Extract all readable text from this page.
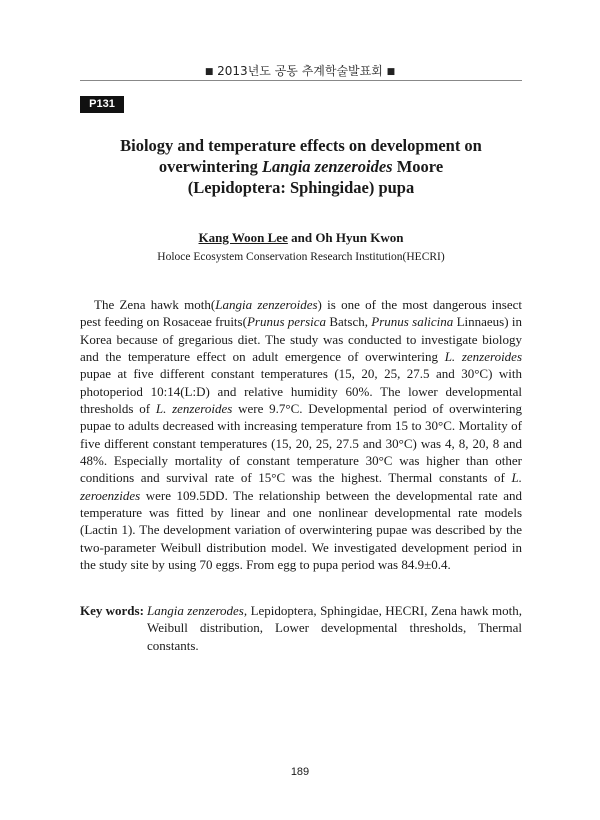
■ 2013년도 공동 추계학술발표회 ■
P131
Biology and temperature effects on development on
overwintering Langia zenzeroides Moore
(Lepidoptera: Sphingidae) pupa
Kang Woon Lee and Oh Hyun Kwon
Holoce Ecosystem Conservation Research Institution(HECRI)

The Zena hawk moth(Langia zenzeroides) is one of the most dangerous insect pest feeding on Rosaceae fruits(Prunus persica Batsch, Prunus salicina Linnaeus) in Korea because of gregarious diet. The study was conducted to investigate biology and the temperature effect on adult emergence of overwintering L. zenzeroides pupae at five different constant temperatures (15, 20, 25, 27.5 and 30°C) with photoperiod 10:14(L:D) and relative humidity 60%. The lower developmental thresholds of L. zenzeroides were 9.7°C. Developmental period of overwintering pupae to adults decreased with increasing temperature from 15 to 30°C. Mortality of five different constant temperatures (15, 20, 25, 27.5 and 30°C) was 4, 8, 20, 8 and 48%. Especially mortality of constant temperature 30°C was higher than other conditions and survival rate of 15°C was the highest. Thermal constants of L. zeroenzides were 109.5DD. The relationship between the developmental rate and temperature was fitted by linear and one nonlinear developmental rate models (Lactin 1). The development variation of overwintering pupae was described by the two-parameter Weibull distribution model. We investigated development period in the study site by using 70 eggs. From egg to pupa period was 84.9±0.4.

Key words: Langia zenzerodes, Lepidoptera, Sphingidae, HECRI, Zena hawk moth, Weibull distribution, Lower developmental thresholds, Thermal constants.
189
